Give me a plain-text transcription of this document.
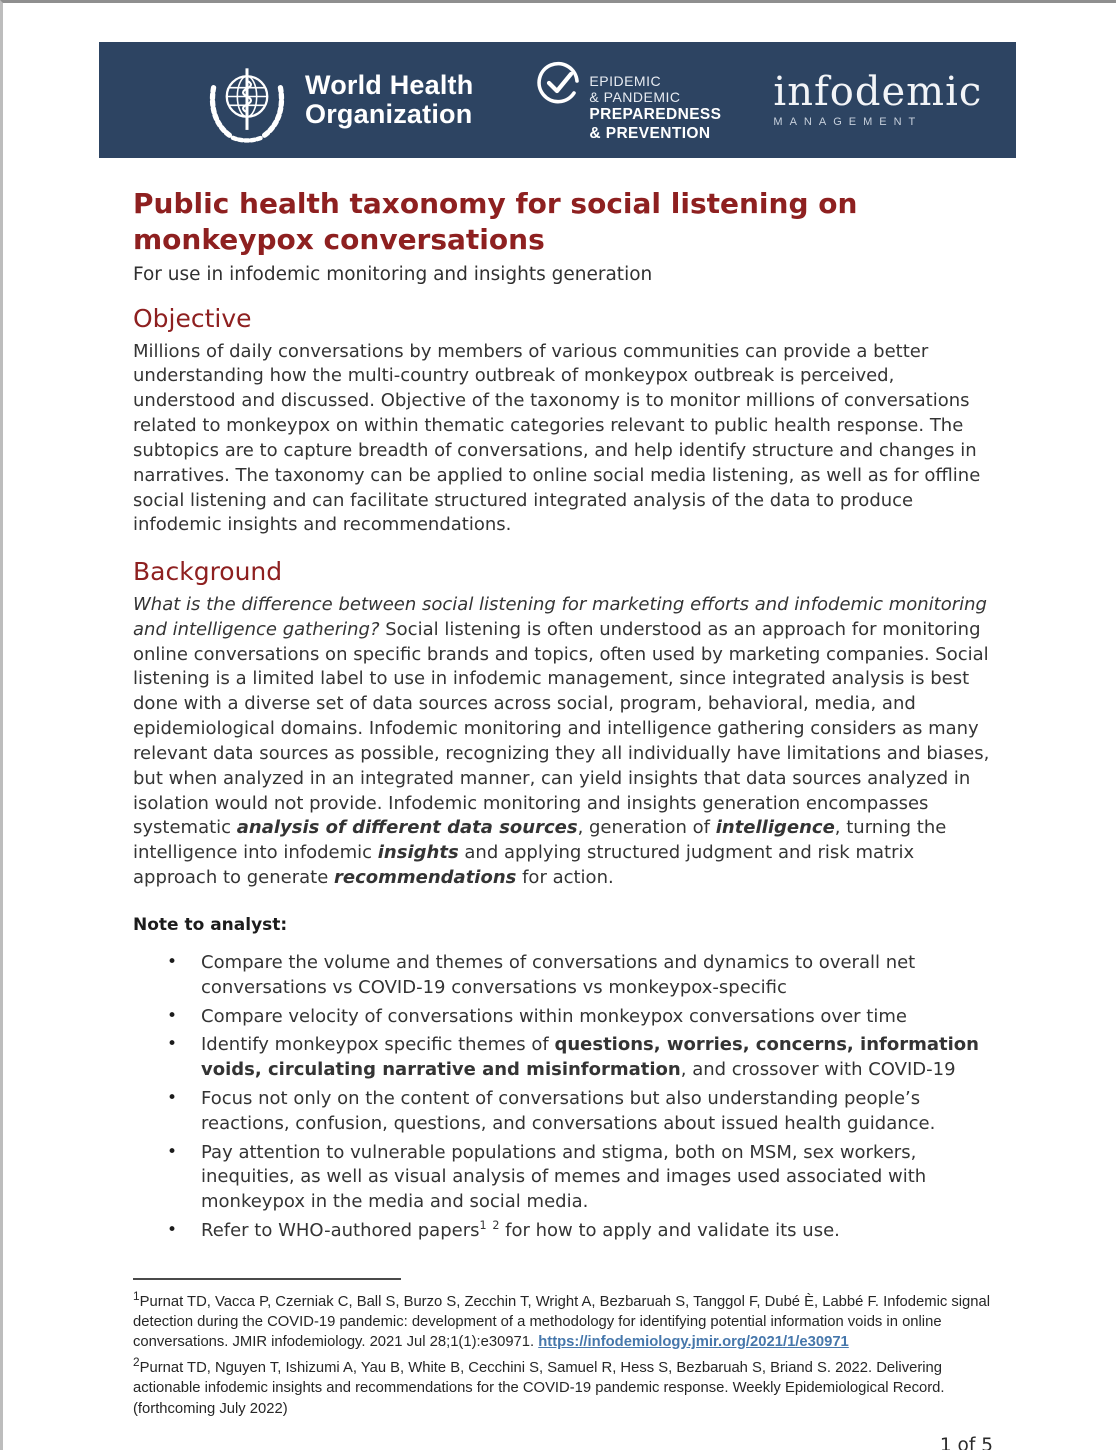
World Health
Organization
EPIDEMIC
& PANDEMIC
PREPAREDNESS
& PREVENTION
infodemic
MANAGEMENT
Public health taxonomy for social listening on monkeypox conversations
For use in infodemic monitoring and insights generation
Objective

Millions of daily conversations by members of various communities can provide a better understanding how the multi-country outbreak of monkeypox outbreak is perceived, understood and discussed. Objective of the taxonomy is to monitor millions of conversations related to monkeypox on within thematic categories relevant to public health response. The subtopics are to capture breadth of conversations, and help identify structure and changes in narratives. The taxonomy can be applied to online social media listening, as well as for offline social listening and can facilitate structured integrated analysis of the data to produce infodemic insights and recommendations.

Background

What is the difference between social listening for marketing efforts and infodemic monitoring and intelligence gathering? Social listening is often understood as an approach for monitoring online conversations on specific brands and topics, often used by marketing companies. Social listening is a limited label to use in infodemic management, since integrated analysis is best done with a diverse set of data sources across social, program, behavioral, media, and epidemiological domains. Infodemic monitoring and intelligence gathering considers as many relevant data sources as possible, recognizing they all individually have limitations and biases, but when analyzed in an integrated manner, can yield insights that data sources analyzed in isolation would not provide. Infodemic monitoring and insights generation encompasses systematic analysis of different data sources, generation of intelligence, turning the intelligence into infodemic insights and applying structured judgment and risk matrix approach to generate recommendations for action.

Note to analyst:
• Compare the volume and themes of conversations and dynamics to overall net conversations vs COVID-19 conversations vs monkeypox-specific
• Compare velocity of conversations within monkeypox conversations over time
• Identify monkeypox specific themes of questions, worries, concerns, information voids, circulating narrative and misinformation, and crossover with COVID-19
• Focus not only on the content of conversations but also understanding people’s reactions, confusion, questions, and conversations about issued health guidance.
• Pay attention to vulnerable populations and stigma, both on MSM, sex workers, inequities, as well as visual analysis of memes and images used associated with monkeypox in the media and social media.
• Refer to WHO-authored papers$^1$ $^2$ for how to apply and validate its use.
$^1$Purnat TD, Vacca P, Czerniak C, Ball S, Burzo S, Zecchin T, Wright A, Bezbaruah S, Tanggol F, Dubé È, Labbé F. Infodemic signal detection during the COVID-19 pandemic: development of a methodology for identifying potential information voids in online conversations. JMIR infodemiology. 2021 Jul 28;1(1):e30971. https://infodemiology.jmir.org/2021/1/e30971
$^2$Purnat TD, Nguyen T, Ishizumi A, Yau B, White B, Cecchini S, Samuel R, Hess S, Bezbaruah S, Briand S. 2022. Delivering actionable infodemic insights and recommendations for the COVID-19 pandemic response. Weekly Epidemiological Record. (forthcoming July 2022)
1 of 5
